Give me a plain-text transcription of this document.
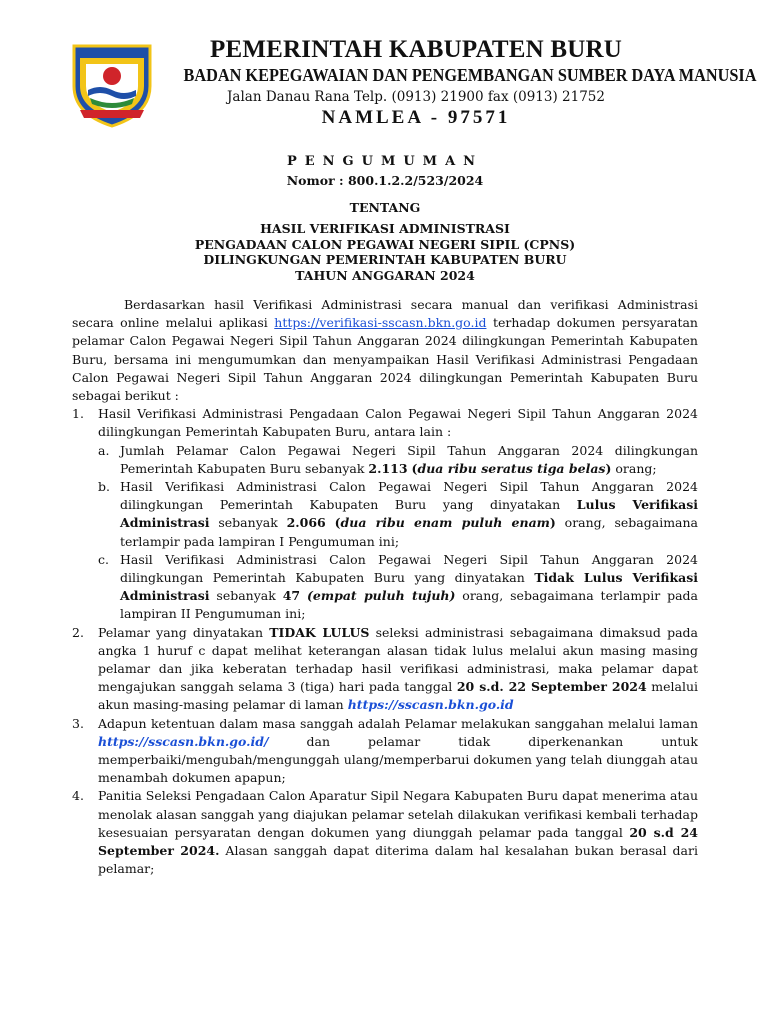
PEMERINTAH KABUPATEN BURU
BADAN KEPEGAWAIAN DAN PENGEMBANGAN SUMBER DAYA MANUSIA
Jalan Danau Rana Telp. (0913) 21900 fax (0913) 21752
NAMLEA - 97571
PENGUMUMAN
Nomor : 800.1.2.2/523/2024
TENTANG
HASIL VERIFIKASI ADMINISTRASI
PENGADAAN CALON PEGAWAI NEGERI SIPIL (CPNS)
DILINGKUNGAN PEMERINTAH KABUPATEN BURU
TAHUN ANGGARAN 2024

Berdasarkan hasil Verifikasi Administrasi secara manual dan verifikasi Administrasi secara online melalui aplikasi https://verifikasi-sscasn.bkn.go.id terhadap dokumen persyaratan pelamar Calon Pegawai Negeri Sipil Tahun Anggaran 2024 dilingkungan Pemerintah Kabupaten Buru, bersama ini mengumumkan dan menyampaikan Hasil Verifikasi Administrasi Pengadaan Calon Pegawai Negeri Sipil Tahun Anggaran 2024 dilingkungan Pemerintah Kabupaten Buru sebagai berikut :

1. Hasil Verifikasi Administrasi Pengadaan Calon Pegawai Negeri Sipil Tahun Anggaran 2024 dilingkungan Pemerintah Kabupaten Buru, antara lain :
a. Jumlah Pelamar Calon Pegawai Negeri Sipil Tahun Anggaran 2024 dilingkungan Pemerintah Kabupaten Buru sebanyak 2.113 (dua ribu seratus tiga belas) orang;
b. Hasil Verifikasi Administrasi Calon Pegawai Negeri Sipil Tahun Anggaran 2024 dilingkungan Pemerintah Kabupaten Buru yang dinyatakan Lulus Verifikasi Administrasi sebanyak 2.066 (dua ribu enam puluh enam) orang, sebagaimana terlampir pada lampiran I Pengumuman ini;
c. Hasil Verifikasi Administrasi Calon Pegawai Negeri Sipil Tahun Anggaran 2024 dilingkungan Pemerintah Kabupaten Buru yang dinyatakan Tidak Lulus Verifikasi Administrasi sebanyak 47 (empat puluh tujuh) orang, sebagaimana terlampir pada lampiran II Pengumuman ini;
2. Pelamar yang dinyatakan TIDAK LULUS seleksi administrasi sebagaimana dimaksud pada angka 1 huruf c dapat melihat keterangan alasan tidak lulus melalui akun masing masing pelamar dan jika keberatan terhadap hasil verifikasi administrasi, maka pelamar dapat mengajukan sanggah selama 3 (tiga) hari pada tanggal 20 s.d. 22 September 2024 melalui akun masing-masing pelamar di laman https://sscasn.bkn.go.id
3. Adapun ketentuan dalam masa sanggah adalah Pelamar melakukan sanggahan melalui laman https://sscasn.bkn.go.id/ dan pelamar tidak diperkenankan untuk memperbaiki/mengubah/mengunggah ulang/memperbarui dokumen yang telah diunggah atau menambah dokumen apapun;
4. Panitia Seleksi Pengadaan Calon Aparatur Sipil Negara Kabupaten Buru dapat menerima atau menolak alasan sanggah yang diajukan pelamar setelah dilakukan verifikasi kembali terhadap kesesuaian persyaratan dengan dokumen yang diunggah pelamar pada tanggal 20 s.d 24 September 2024. Alasan sanggah dapat diterima dalam hal kesalahan bukan berasal dari pelamar;
